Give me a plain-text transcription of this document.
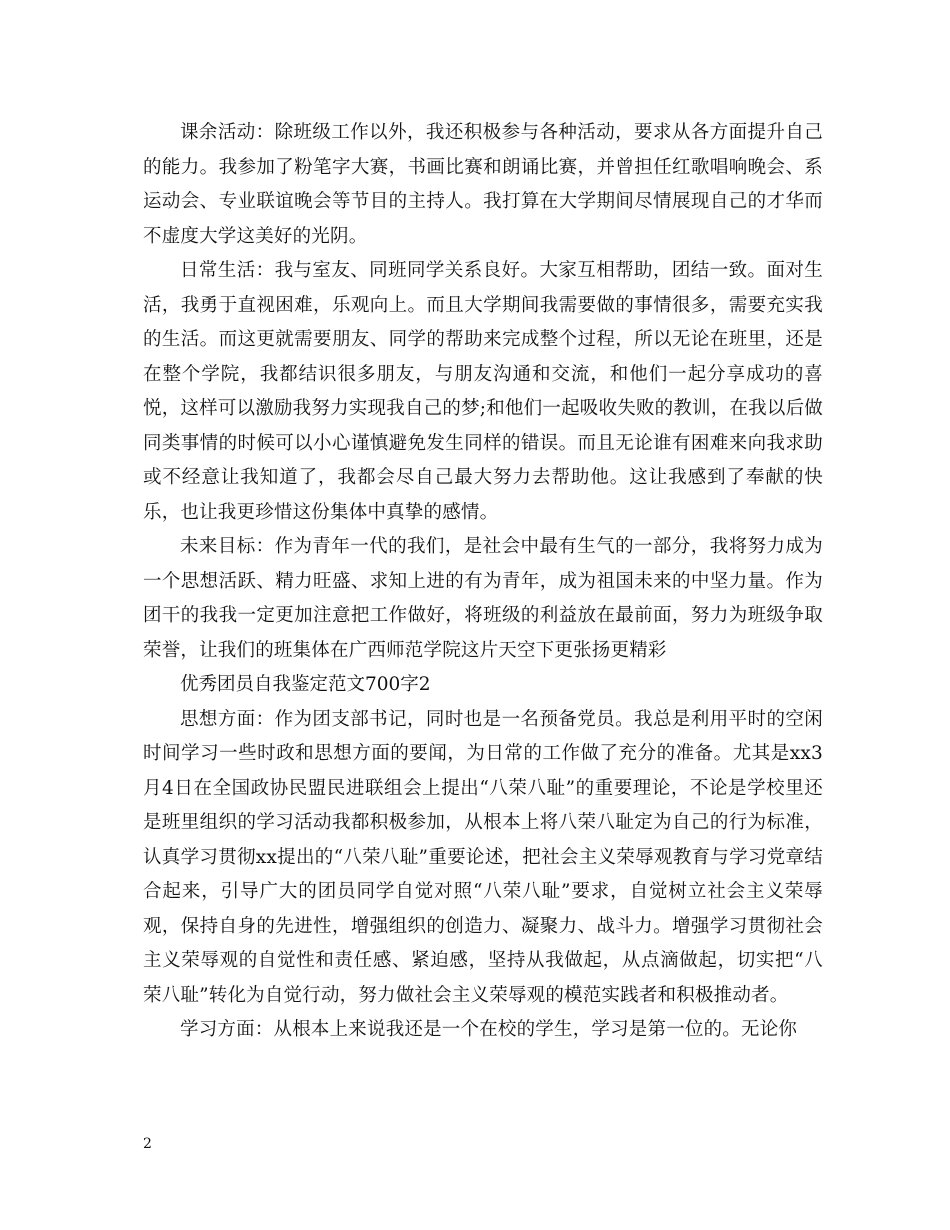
课余活动：除班级工作以外，我还积极参与各种活动，要求从各方面提升自己的能力。我参加了粉笔字大赛，书画比赛和朗诵比赛，并曾担任红歌唱响晚会、系运动会、专业联谊晚会等节目的主持人。我打算在大学期间尽情展现自己的才华而不虚度大学这美好的光阴。

日常生活：我与室友、同班同学关系良好。大家互相帮助，团结一致。面对生活，我勇于直视困难，乐观向上。而且大学期间我需要做的事情很多，需要充实我的生活。而这更就需要朋友、同学的帮助来完成整个过程，所以无论在班里，还是在整个学院，我都结识很多朋友，与朋友沟通和交流，和他们一起分享成功的喜悦，这样可以激励我努力实现我自己的梦;和他们一起吸收失败的教训，在我以后做同类事情的时候可以小心谨慎避免发生同样的错误。而且无论谁有困难来向我求助或不经意让我知道了，我都会尽自己最大努力去帮助他。这让我感到了奉献的快乐，也让我更珍惜这份集体中真挚的感情。

未来目标：作为青年一代的我们，是社会中最有生气的一部分，我将努力成为一个思想活跃、精力旺盛、求知上进的有为青年，成为祖国未来的中坚力量。作为团干的我我一定更加注意把工作做好，将班级的利益放在最前面，努力为班级争取荣誉，让我们的班集体在广西师范学院这片天空下更张扬更精彩

优秀团员自我鉴定范文700字2

思想方面：作为团支部书记，同时也是一名预备党员。我总是利用平时的空闲时间学习一些时政和思想方面的要闻，为日常的工作做了充分的准备。尤其是xx3月4日在全国政协民盟民进联组会上提出“八荣八耻”的重要理论，不论是学校里还是班里组织的学习活动我都积极参加，从根本上将八荣八耻定为自己的行为标准，认真学习贯彻xx提出的“八荣八耻”重要论述，把社会主义荣辱观教育与学习党章结合起来，引导广大的团员同学自觉对照“八荣八耻”要求，自觉树立社会主义荣辱观，保持自身的先进性，增强组织的创造力、凝聚力、战斗力。增强学习贯彻社会主义荣辱观的自觉性和责任感、紧迫感，坚持从我做起，从点滴做起，切实把“八荣八耻”转化为自觉行动，努力做社会主义荣辱观的模范实践者和积极推动者。

学习方面：从根本上来说我还是一个在校的学生，学习是第一位的。无论你

2
